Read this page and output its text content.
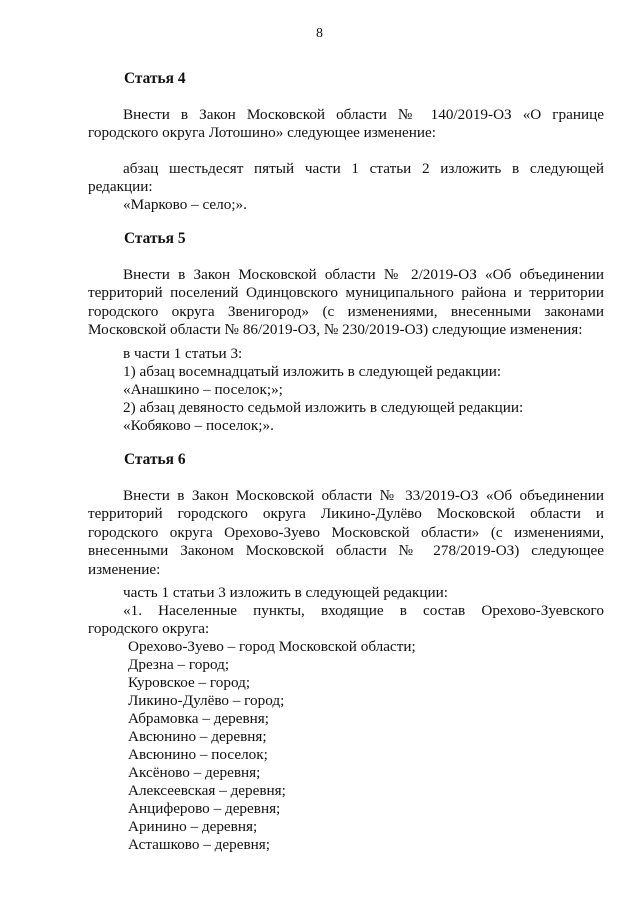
8
Статья 4
Внести в Закон Московской области № 140/2019-ОЗ «О границе городского округа Лотошино» следующее изменение:
абзац шестьдесят пятый части 1 статьи 2 изложить в следующей редакции:
«Марково – село;».
Статья 5
Внести в Закон Московской области № 2/2019-ОЗ «Об объединении территорий поселений Одинцовского муниципального района и территории городского округа Звенигород» (с изменениями, внесенными законами Московской области № 86/2019-ОЗ, № 230/2019-ОЗ) следующие изменения:
в части 1 статьи 3:
1) абзац восемнадцатый изложить в следующей редакции:
«Анашкино – поселок;»;
2) абзац девяносто седьмой изложить в следующей редакции:
«Кобяково – поселок;».
Статья 6
Внести в Закон Московской области № 33/2019-ОЗ «Об объединении территорий городского округа Ликино-Дулёво Московской области и городского округа Орехово-Зуево Московской области» (с изменениями, внесенными Законом Московской области № 278/2019-ОЗ) следующее изменение:
часть 1 статьи 3 изложить в следующей редакции:
«1. Населенные пункты, входящие в состав Орехово-Зуевского
городского округа:
Орехово-Зуево – город Московской области;
Дрезна – город;
Куровское – город;
Ликино-Дулёво – город;
Абрамовка – деревня;
Авсюнино – деревня;
Авсюнино – поселок;
Аксёново – деревня;
Алексеевская – деревня;
Анциферово – деревня;
Аринино – деревня;
Асташково – деревня;
